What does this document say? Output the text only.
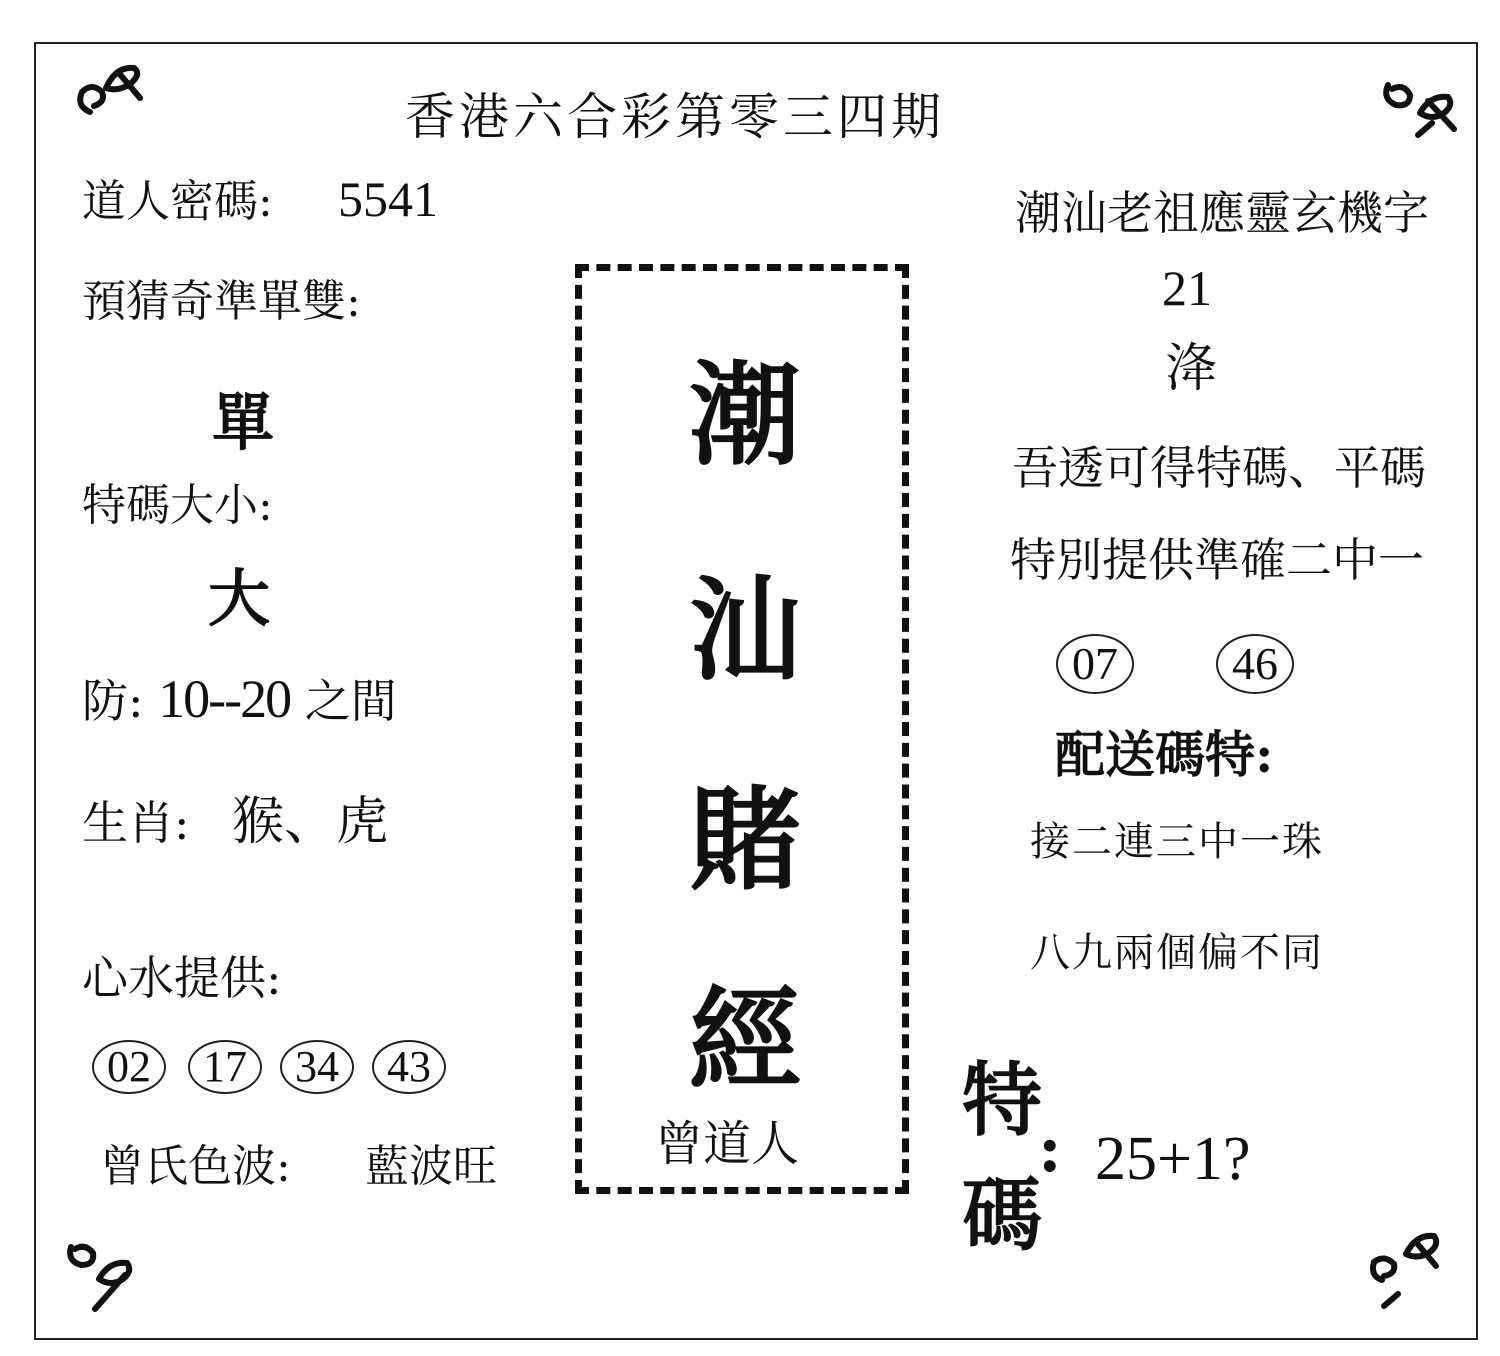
香港六合彩第零三四期
道人密碼: 5541
預猜奇準單雙:
單
特碼大小:
大
防: 10--20 之間
生肖: 猴、虎
心水提供:
02	17	34	43
曾氏色波: 藍波旺
潮
汕
賭
經
曾道人
潮汕老祖應靈玄機字
21
洚
吾透可得特碼、平碼
特別提供準確二中一
07	46
配送碼特:
接二連三中一珠
八九兩個偏不同
特
碼
: 25+1?
